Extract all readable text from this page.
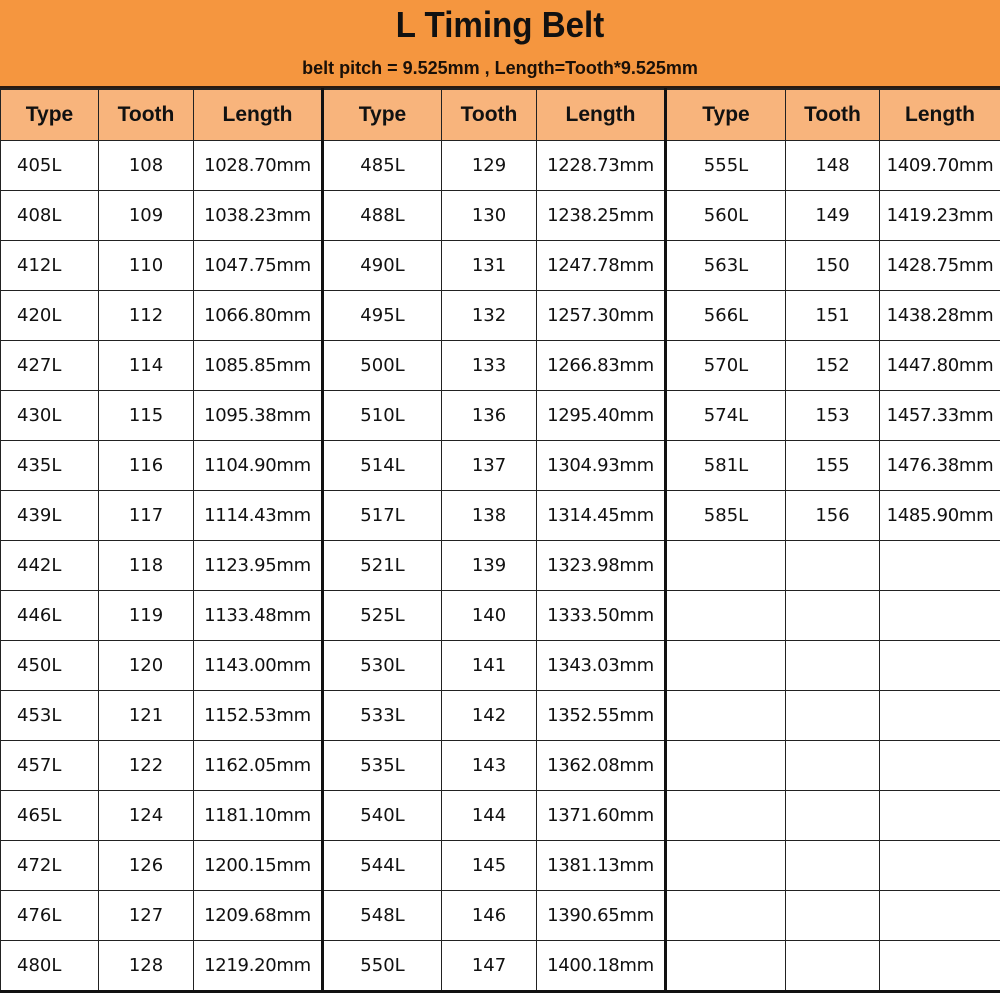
L Timing Belt
belt pitch = 9.525mm , Length=Tooth*9.525mm
Type	Tooth	Length	Type	Tooth	Length	Type	Tooth	Length
405L	108	1028.70mm	485L	129	1228.73mm	555L	148	1409.70mm
408L	109	1038.23mm	488L	130	1238.25mm	560L	149	1419.23mm
412L	110	1047.75mm	490L	131	1247.78mm	563L	150	1428.75mm
420L	112	1066.80mm	495L	132	1257.30mm	566L	151	1438.28mm
427L	114	1085.85mm	500L	133	1266.83mm	570L	152	1447.80mm
430L	115	1095.38mm	510L	136	1295.40mm	574L	153	1457.33mm
435L	116	1104.90mm	514L	137	1304.93mm	581L	155	1476.38mm
439L	117	1114.43mm	517L	138	1314.45mm	585L	156	1485.90mm
442L	118	1123.95mm	521L	139	1323.98mm			
446L	119	1133.48mm	525L	140	1333.50mm			
450L	120	1143.00mm	530L	141	1343.03mm			
453L	121	1152.53mm	533L	142	1352.55mm			
457L	122	1162.05mm	535L	143	1362.08mm			
465L	124	1181.10mm	540L	144	1371.60mm			
472L	126	1200.15mm	544L	145	1381.13mm			
476L	127	1209.68mm	548L	146	1390.65mm			
480L	128	1219.20mm	550L	147	1400.18mm			
